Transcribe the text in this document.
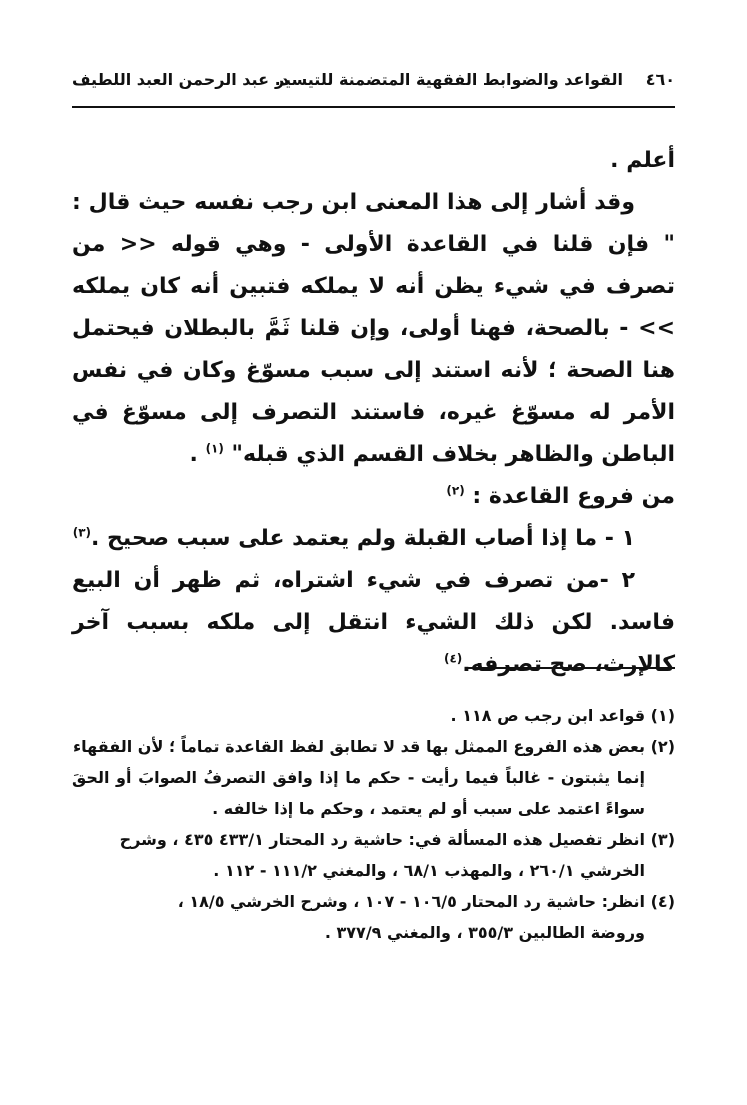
٤٦٠
القواعد والضوابط الفقهية المتضمنة للتيسير
د. عبد الرحمن العبد اللطيف

أعلم .

وقد أشار إلى هذا المعنى ابن رجب نفسه حيث قال : " فإن قلنا في القاعدة الأولى - وهي قوله << من تصرف في شيء يظن أنه لا يملكه فتبين أنه كان يملكه >> - بالصحة، فهنا أولى، وإن قلنا ثَمَّ بالبطلان فيحتمل هنا الصحة ؛ لأنه استند إلى سبب مسوّغ وكان في نفس الأمر له مسوّغ غيره، فاستند التصرف إلى مسوّغ في الباطن والظاهر بخلاف القسم الذي قبله" $^{(١)}$ .

من فروع القاعدة : $^{(٢)}$

١ - ما إذا أصاب القبلة ولم يعتمد على سبب صحيح .$^{(٣)}$

٢ -من تصرف في شيء اشتراه، ثم ظهر أن البيع فاسد. لكن ذلك الشيء انتقل إلى ملكه بسبب آخر كالإرث، صح تصرفه.$^{(٤)}$

(١) قواعد ابن رجب ص ١١٨ .

(٢) بعض هذه الفروع الممثل بها قد لا تطابق لفظ القاعدة تماماً ؛ لأن الفقهاء

إنما يثبتون - غالباً فيما رأيت - حكم ما إذا وافق التصرفُ الصوابَ أو الحقَ سواءً اعتمد على سبب أو لم يعتمد ، وحكم ما إذا خالفه .

(٣) انظر تفصيل هذه المسألة في: حاشية رد المحتار ٤٣٣/١ ٤٣٥ ، وشرح

الخرشي ٢٦٠/١ ، والمهذب ٦٨/١ ، والمغني ١١١/٢ - ١١٢ .

(٤) انظر: حاشية رد المحتار ١٠٦/٥ - ١٠٧ ، وشرح الخرشي ١٨/٥ ،

وروضة الطالبين ٣٥٥/٣ ، والمغني ٣٧٧/٩ .
